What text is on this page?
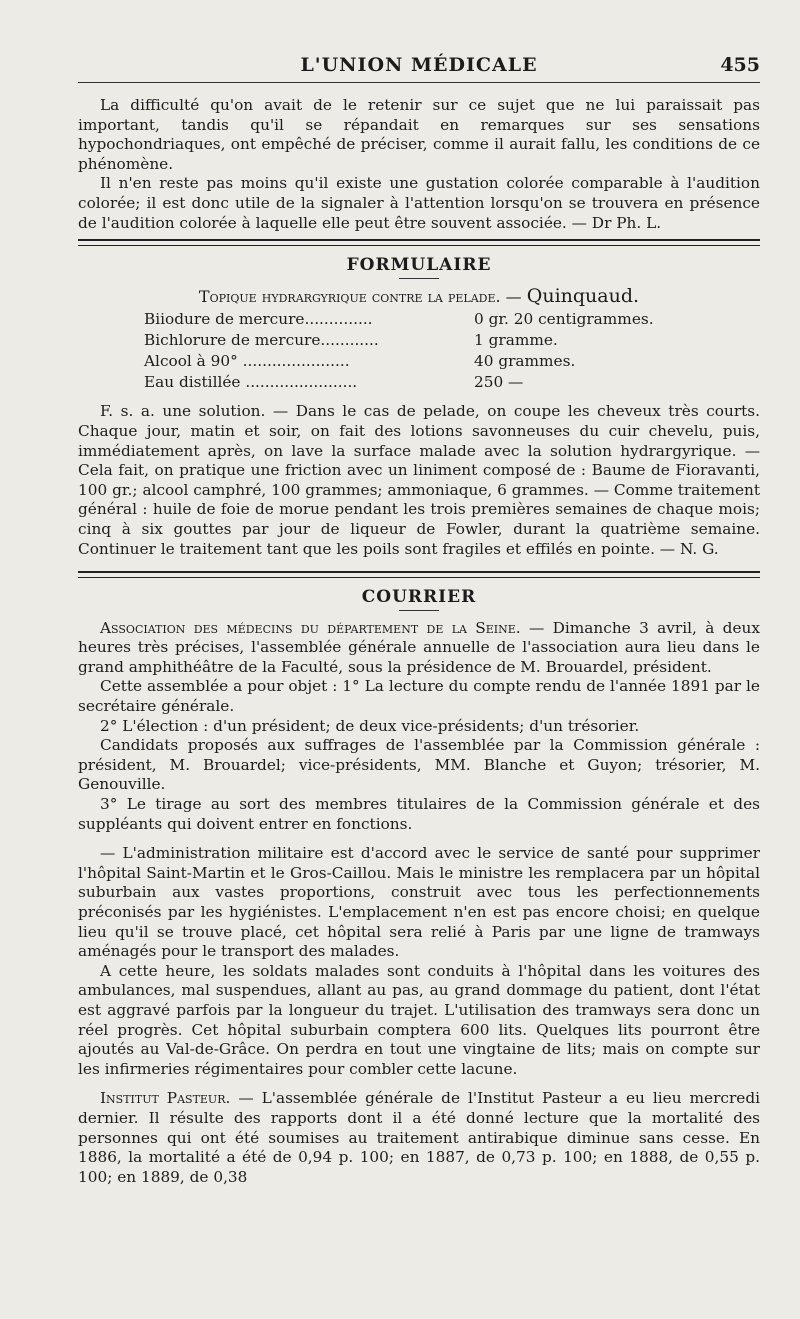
L'UNION MÉDICALE	455

La difficulté qu'on avait de le retenir sur ce sujet que ne lui paraissait pas important, tandis qu'il se répandait en remarques sur ses sensations hypochondriaques, ont empêché de préciser, comme il aurait fallu, les conditions de ce phénomène.

Il n'en reste pas moins qu'il existe une gustation colorée comparable à l'audition colorée; il est donc utile de la signaler à l'attention lorsqu'on se trouvera en présence de l'audition colorée à laquelle elle peut être souvent associée. — Dr Ph. L.

FORMULAIRE
Topique hydrargyrique contre la pelade. — Quinquaud.
Biiodure de mercure..............	0 gr. 20 centigrammes.
Bichlorure de mercure............	1 gramme.
Alcool à 90° ......................	40 grammes.
Eau distillée .......................	250 —

F. s. a. une solution. — Dans le cas de pelade, on coupe les cheveux très courts. Chaque jour, matin et soir, on fait des lotions savonneuses du cuir chevelu, puis, immédiatement après, on lave la surface malade avec la solution hydrargyrique. — Cela fait, on pratique une friction avec un liniment composé de : Baume de Fioravanti, 100 gr.; alcool camphré, 100 grammes; ammoniaque, 6 grammes. — Comme traitement général : huile de foie de morue pendant les trois premières semaines de chaque mois; cinq à six gouttes par jour de liqueur de Fowler, durant la quatrième semaine. Continuer le traitement tant que les poils sont fragiles et effilés en pointe. — N. G.

COURRIER

Association des médecins du département de la Seine. — Dimanche 3 avril, à deux heures très précises, l'assemblée générale annuelle de l'association aura lieu dans le grand amphithéâtre de la Faculté, sous la présidence de M. Brouardel, président.

Cette assemblée a pour objet : 1° La lecture du compte rendu de l'année 1891 par le secrétaire générale.

2° L'élection : d'un président; de deux vice-présidents; d'un trésorier.

Candidats proposés aux suffrages de l'assemblée par la Commission générale : président, M. Brouardel; vice-présidents, MM. Blanche et Guyon; trésorier, M. Genouville.

3° Le tirage au sort des membres titulaires de la Commission générale et des suppléants qui doivent entrer en fonctions.

— L'administration militaire est d'accord avec le service de santé pour supprimer l'hôpital Saint-Martin et le Gros-Caillou. Mais le ministre les remplacera par un hôpital suburbain aux vastes proportions, construit avec tous les perfectionnements préconisés par les hygiénistes. L'emplacement n'en est pas encore choisi; en quelque lieu qu'il se trouve placé, cet hôpital sera relié à Paris par une ligne de tramways aménagés pour le transport des malades.

A cette heure, les soldats malades sont conduits à l'hôpital dans les voitures des ambulances, mal suspendues, allant au pas, au grand dommage du patient, dont l'état est aggravé parfois par la longueur du trajet. L'utilisation des tramways sera donc un réel progrès. Cet hôpital suburbain comptera 600 lits. Quelques lits pourront être ajoutés au Val-de-Grâce. On perdra en tout une vingtaine de lits; mais on compte sur les infirmeries régimentaires pour combler cette lacune.

Institut Pasteur. — L'assemblée générale de l'Institut Pasteur a eu lieu mercredi dernier. Il résulte des rapports dont il a été donné lecture que la mortalité des personnes qui ont été soumises au traitement antirabique diminue sans cesse. En 1886, la mortalité a été de 0,94 p. 100; en 1887, de 0,73 p. 100; en 1888, de 0,55 p. 100; en 1889, de 0,38
